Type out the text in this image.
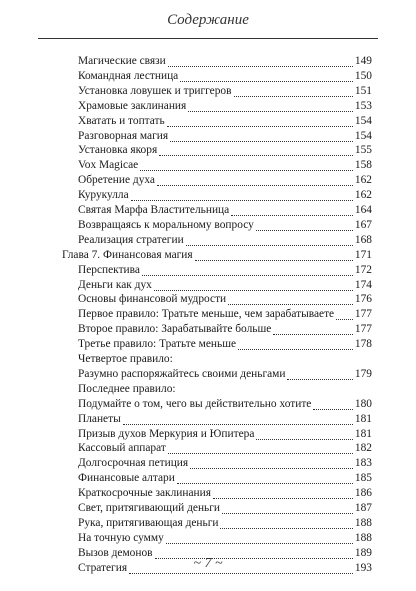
Содержание
Магические связи	149
Командная лестница	150
Установка ловушек и триггеров	151
Храмовые заклинания	153
Хватать и топтать	154
Разговорная магия	154
Установка якоря	155
Vox Magicae	158
Обретение духа	162
Курукулла	162
Святая Марфа Властительница	164
Возвращаясь к моральному вопросу	167
Реализация стратегии	168
Глава 7. Финансовая магия	171
Перспектива	172
Деньги как дух	174
Основы финансовой мудрости	176
Первое правило: Тратьте меньше, чем зарабатываете 177
Второе правило: Зарабатывайте больше	177
Третье правило: Тратьте меньше	178
Четвертое правило:
Разумно распоряжайтесь своими деньгами	179
Последнее правило:
Подумайте о том, чего вы действительно хотите	180
Планеты	181
Призыв духов Меркурия и Юпитера	181
Кассовый аппарат	182
Долгосрочная петиция	183
Финансовые алтари	185
Краткосрочные заклинания	186
Свет, притягивающий деньги	187
Рука, притягивающая деньги	188
На точную сумму	188
Вызов демонов	189
Стратегия	193
~ 7 ~
